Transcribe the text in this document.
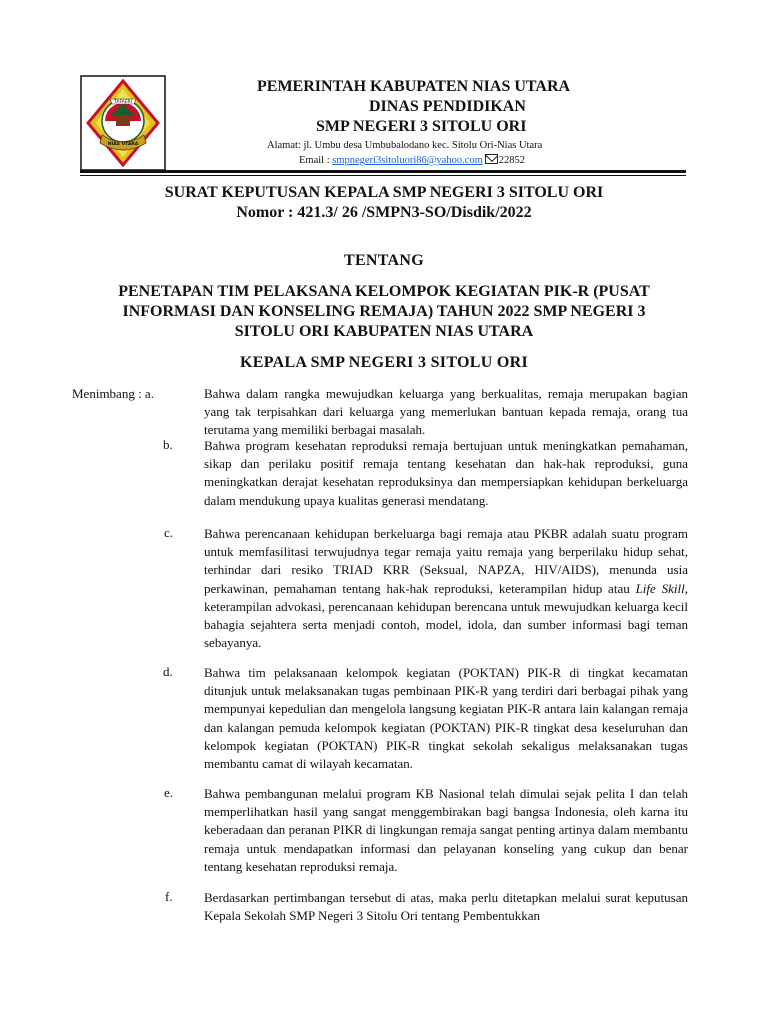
TAFAERI
NIAS UTARA
PEMERINTAH KABUPATEN NIAS UTARA
DINAS PENDIDIKAN
SMP NEGERI 3 SITOLU ORI
Alamat: jl. Umbu desa Umbubalodano kec. Sitolu Ori-Nias Utara
Email : smpnegeri3sitoluori86@yahoo.com 22852
SURAT KEPUTUSAN KEPALA SMP NEGERI 3 SITOLU ORI
Nomor : 421.3/ 26 /SMPN3-SO/Disdik/2022
TENTANG
PENETAPAN TIM PELAKSANA KELOMPOK KEGIATAN PIK-R (PUSAT
INFORMASI DAN KONSELING REMAJA) TAHUN 2022 SMP NEGERI 3
SITOLU ORI KABUPATEN NIAS UTARA
KEPALA SMP NEGERI 3 SITOLU ORI
Menimbang : a.	Bahwa dalam rangka mewujudkan keluarga yang berkualitas, remaja merupakan bagian yang tak terpisahkan dari keluarga yang memerlukan bantuan kepada remaja, orang tua terutama yang memiliki berbagai masalah.
b. Bahwa program kesehatan reproduksi remaja bertujuan untuk meningkatkan pemahaman, sikap dan perilaku positif remaja tentang kesehatan dan hak-hak reproduksi, guna meningkatkan derajat kesehatan reproduksinya dan mempersiapkan kehidupan berkeluarga dalam mendukung upaya kualitas generasi mendatang.
c. Bahwa perencanaan kehidupan berkeluarga bagi remaja atau PKBR adalah suatu program untuk memfasilitasi terwujudnya tegar remaja yaitu remaja yang berperilaku hidup sehat, terhindar dari resiko TRIAD KRR (Seksual, NAPZA, HIV/AIDS), menunda usia perkawinan, pemahaman tentang hak-hak reproduksi, keterampilan hidup atau Life Skill, keterampilan advokasi, perencanaan kehidupan berencana untuk mewujudkan keluarga kecil bahagia sejahtera serta menjadi contoh, model, idola, dan sumber informasi bagi teman sebayanya.
d. Bahwa tim pelaksanaan kelompok kegiatan (POKTAN) PIK-R di tingkat kecamatan ditunjuk untuk melaksanakan tugas pembinaan PIK-R yang terdiri dari berbagai pihak yang mempunyai kepedulian dan mengelola langsung kegiatan PIK-R antara lain kalangan remaja dan kalangan pemuda kelompok kegiatan (POKTAN) PIK-R tingkat desa keseluruhan dan kelompok kegiatan (POKTAN) PIK-R tingkat sekolah sekaligus melaksanakan tugas membantu camat di wilayah kecamatan.
e. Bahwa pembangunan melalui program KB Nasional telah dimulai sejak pelita I dan telah memperlihatkan hasil yang sangat menggembirakan bagi bangsa Indonesia, oleh karna itu keberadaan dan peranan PIKR di lingkungan remaja sangat penting artinya dalam membantu remaja untuk mendapatkan informasi dan pelayanan konseling yang cukup dan benar tentang kesehatan reproduksi remaja.
f. Berdasarkan pertimbangan tersebut di atas, maka perlu ditetapkan melalui surat keputusan Kepala Sekolah SMP Negeri 3 Sitolu Ori tentang Pembentukkan
